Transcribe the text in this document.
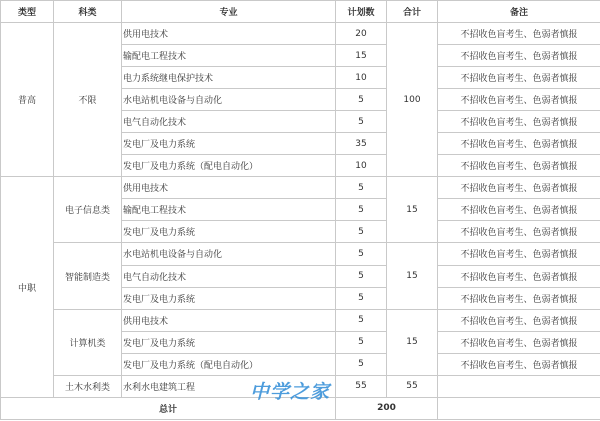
类型	科类	专业	计划数	合计	备注
普高	不限	供用电技术	20	100	不招收色盲考生、色弱者慎报
		输配电工程技术	15		不招收色盲考生、色弱者慎报
		电力系统继电保护技术	10		不招收色盲考生、色弱者慎报
		水电站机电设备与自动化	5		不招收色盲考生、色弱者慎报
		电气自动化技术	5		不招收色盲考生、色弱者慎报
		发电厂及电力系统	35		不招收色盲考生、色弱者慎报
		发电厂及电力系统（配电自动化）	10		不招收色盲考生、色弱者慎报
中职	电子信息类	供用电技术	5	15	不招收色盲考生、色弱者慎报
		输配电工程技术	5		不招收色盲考生、色弱者慎报
		发电厂及电力系统	5		不招收色盲考生、色弱者慎报
	智能制造类	水电站机电设备与自动化	5	15	不招收色盲考生、色弱者慎报
		电气自动化技术	5		不招收色盲考生、色弱者慎报
		发电厂及电力系统	5		不招收色盲考生、色弱者慎报
	计算机类	供用电技术	5	15	不招收色盲考生、色弱者慎报
		发电厂及电力系统	5		不招收色盲考生、色弱者慎报
		发电厂及电力系统（配电自动化）	5		不招收色盲考生、色弱者慎报
	土木水利类	水利水电建筑工程	55	55	
总计			200		
中学之家
